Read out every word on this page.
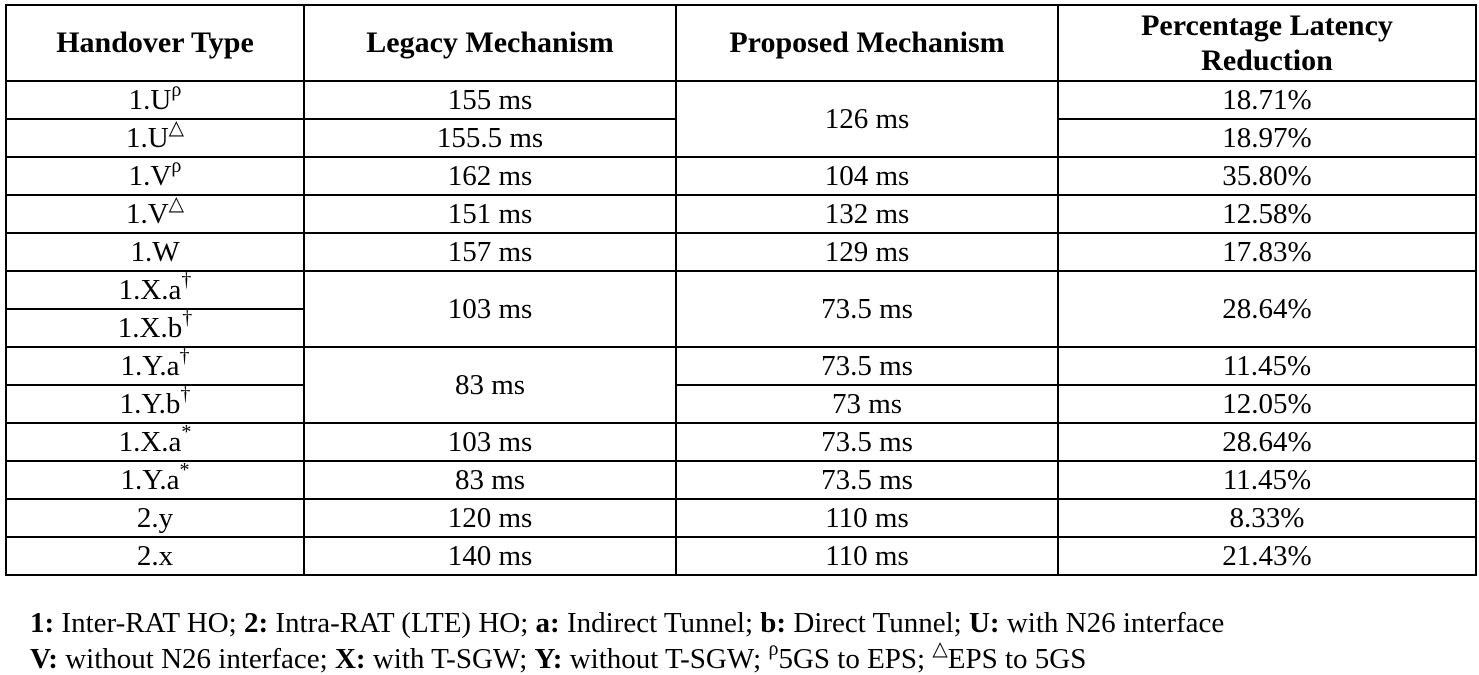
Handover Type	Legacy Mechanism	Proposed Mechanism	Percentage Latency Reduction
$1.U^\rho$	155 ms	126 ms	18.71%
1.U△	155.5 ms		18.97%
$1.V^\rho$	162 ms	104 ms	35.80%
1.V△	151 ms	132 ms	12.58%
1.W	157 ms	129 ms	17.83%
1.X.a†	103 ms	73.5 ms	28.64%
1.X.b†
1.Y.a†	83 ms	73.5 ms	11.45%
1.Y.b†		73 ms	12.05%
1.X.a*	103 ms	73.5 ms	28.64%
1.Y.a*	83 ms	73.5 ms	11.45%
2.y	120 ms	110 ms	8.33%
2.x	140 ms	110 ms	21.43%
1: Inter-RAT HO; 2: Intra-RAT (LTE) HO; a: Indirect Tunnel; b: Direct Tunnel; U: with N26 interface
V: without N26 interface; X: with T-SGW; Y: without T-SGW; $^\rho$5GS to EPS; △EPS to 5GS
